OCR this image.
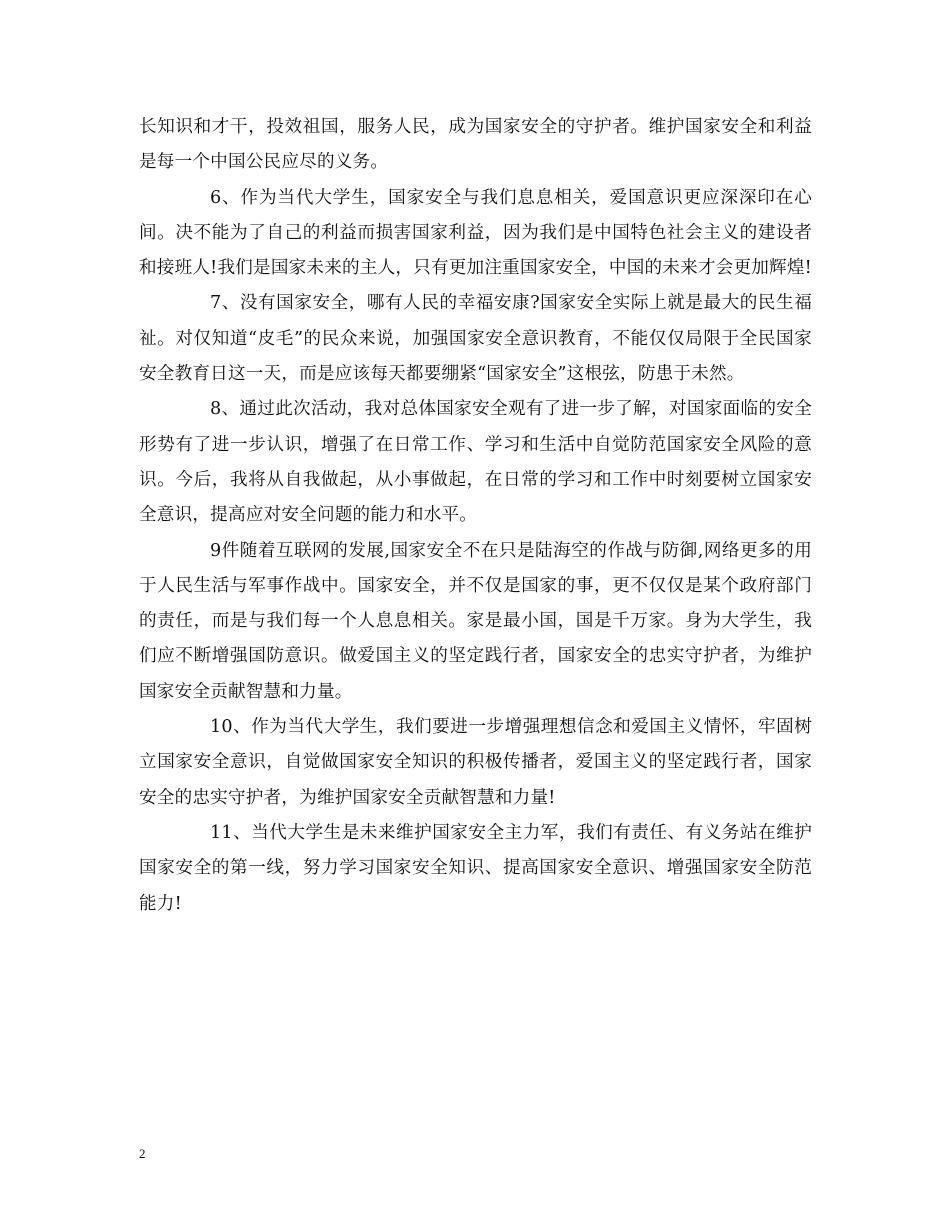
长知识和才干，投效祖国，服务人民，成为国家安全的守护者。维护国家安全和利益是每一个中国公民应尽的义务。

6、作为当代大学生，国家安全与我们息息相关，爱国意识更应深深印在心间。决不能为了自己的利益而损害国家利益，因为我们是中国特色社会主义的建设者和接班人!我们是国家未来的主人，只有更加注重国家安全，中国的未来才会更加辉煌!

7、没有国家安全，哪有人民的幸福安康?国家安全实际上就是最大的民生福祉。对仅知道“皮毛”的民众来说，加强国家安全意识教育，不能仅仅局限于全民国家安全教育日这一天，而是应该每天都要绷紧“国家安全”这根弦，防患于未然。

8、通过此次活动，我对总体国家安全观有了进一步了解，对国家面临的安全形势有了进一步认识，增强了在日常工作、学习和生活中自觉防范国家安全风险的意识。今后，我将从自我做起，从小事做起，在日常的学习和工作中时刻要树立国家安全意识，提高应对安全问题的能力和水平。

9件随着互联网的发展,国家安全不在只是陆海空的作战与防御,网络更多的用于人民生活与军事作战中。国家安全，并不仅是国家的事，更不仅仅是某个政府部门的责任，而是与我们每一个人息息相关。家是最小国，国是千万家。身为大学生，我们应不断增强国防意识。做爱国主义的坚定践行者，国家安全的忠实守护者，为维护国家安全贡献智慧和力量。

10、作为当代大学生，我们要进一步增强理想信念和爱国主义情怀，牢固树立国家安全意识，自觉做国家安全知识的积极传播者，爱国主义的坚定践行者，国家安全的忠实守护者，为维护国家安全贡献智慧和力量!

11、当代大学生是未来维护国家安全主力军，我们有责任、有义务站在维护国家安全的第一线，努力学习国家安全知识、提高国家安全意识、增强国家安全防范能力!

2
